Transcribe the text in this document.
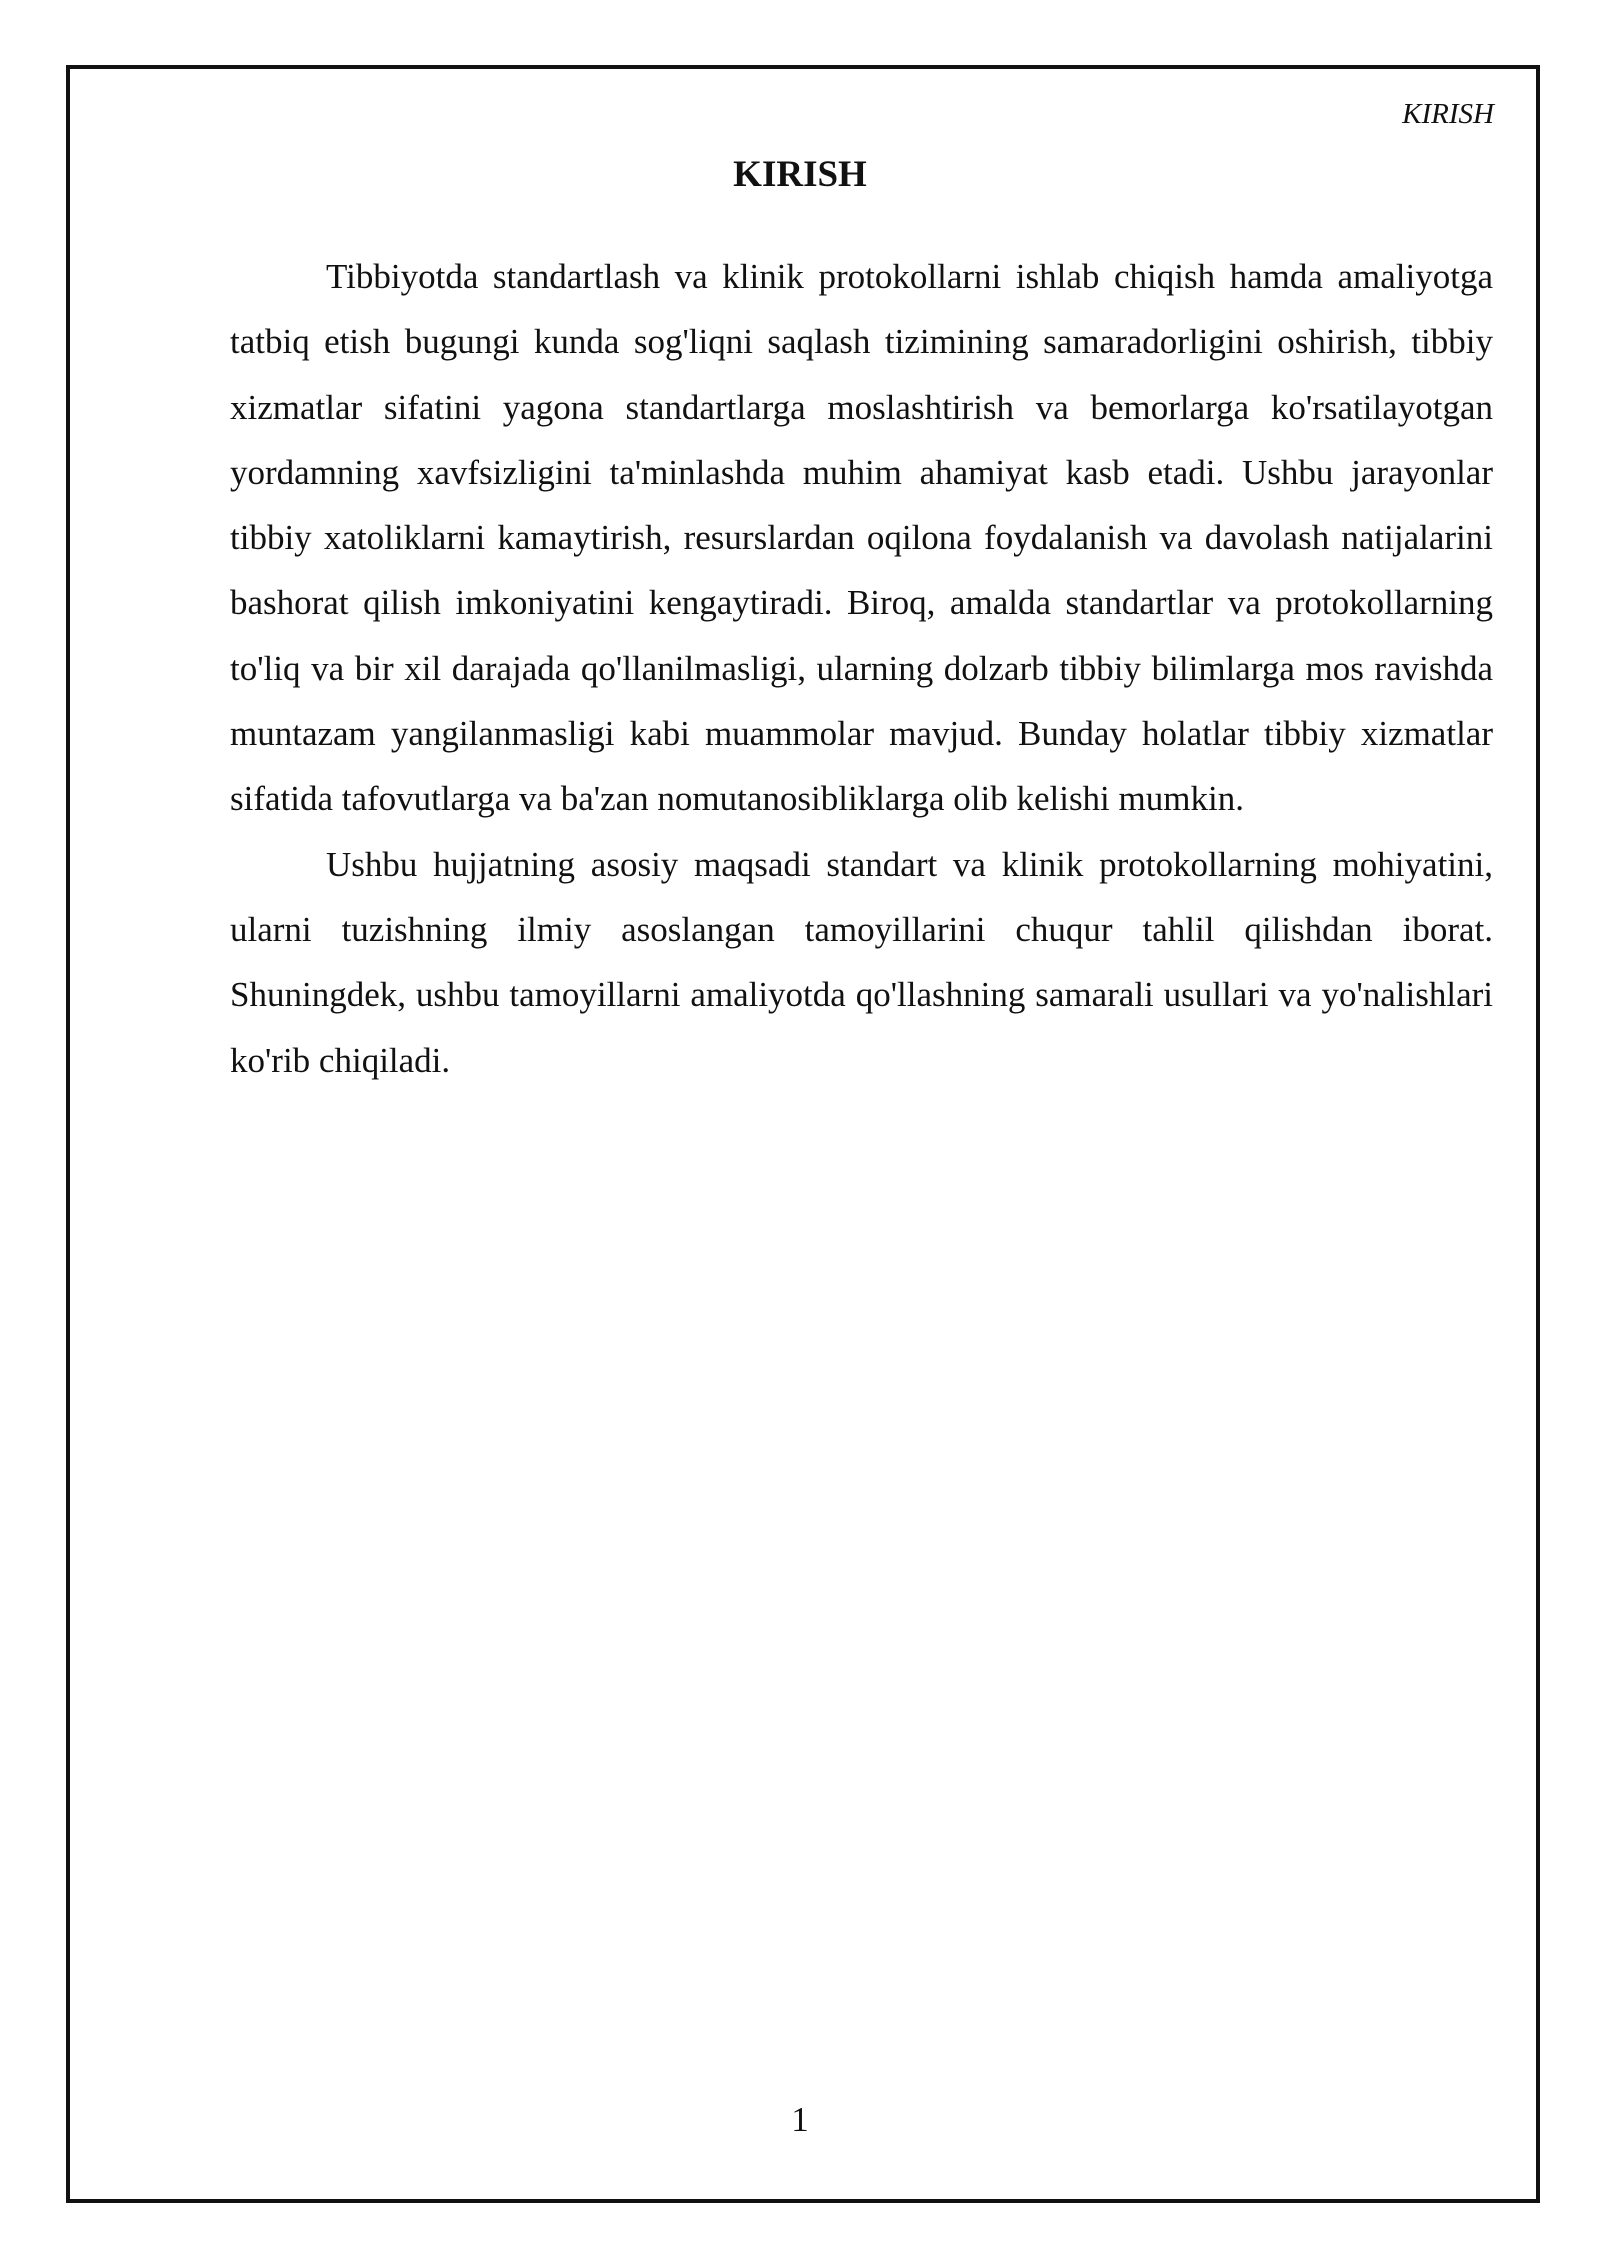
KIRISH
KIRISH

Tibbiyotda standartlash va klinik protokollarni ishlab chiqish hamda amaliyotga tatbiq etish bugungi kunda sog'liqni saqlash tizimining samaradorligini oshirish, tibbiy xizmatlar sifatini yagona standartlarga moslashtirish va bemorlarga ko'rsatilayotgan yordamning xavfsizligini ta'minlashda muhim ahamiyat kasb etadi. Ushbu jarayonlar tibbiy xatoliklarni kamaytirish, resurslardan oqilona foydalanish va davolash natijalarini bashorat qilish imkoniyatini kengaytiradi. Biroq, amalda standartlar va protokollarning to'liq va bir xil darajada qo'llanilmasligi, ularning dolzarb tibbiy bilimlarga mos ravishda muntazam yangilanmasligi kabi muammolar mavjud. Bunday holatlar tibbiy xizmatlar sifatida tafovutlarga va ba'zan nomutanosibliklarga olib kelishi mumkin.

Ushbu hujjatning asosiy maqsadi standart va klinik protokollarning mohiyatini, ularni tuzishning ilmiy asoslangan tamoyillarini chuqur tahlil qilishdan iborat. Shuningdek, ushbu tamoyillarni amaliyotda qo'llashning samarali usullari va yo'nalishlari ko'rib chiqiladi.

1
